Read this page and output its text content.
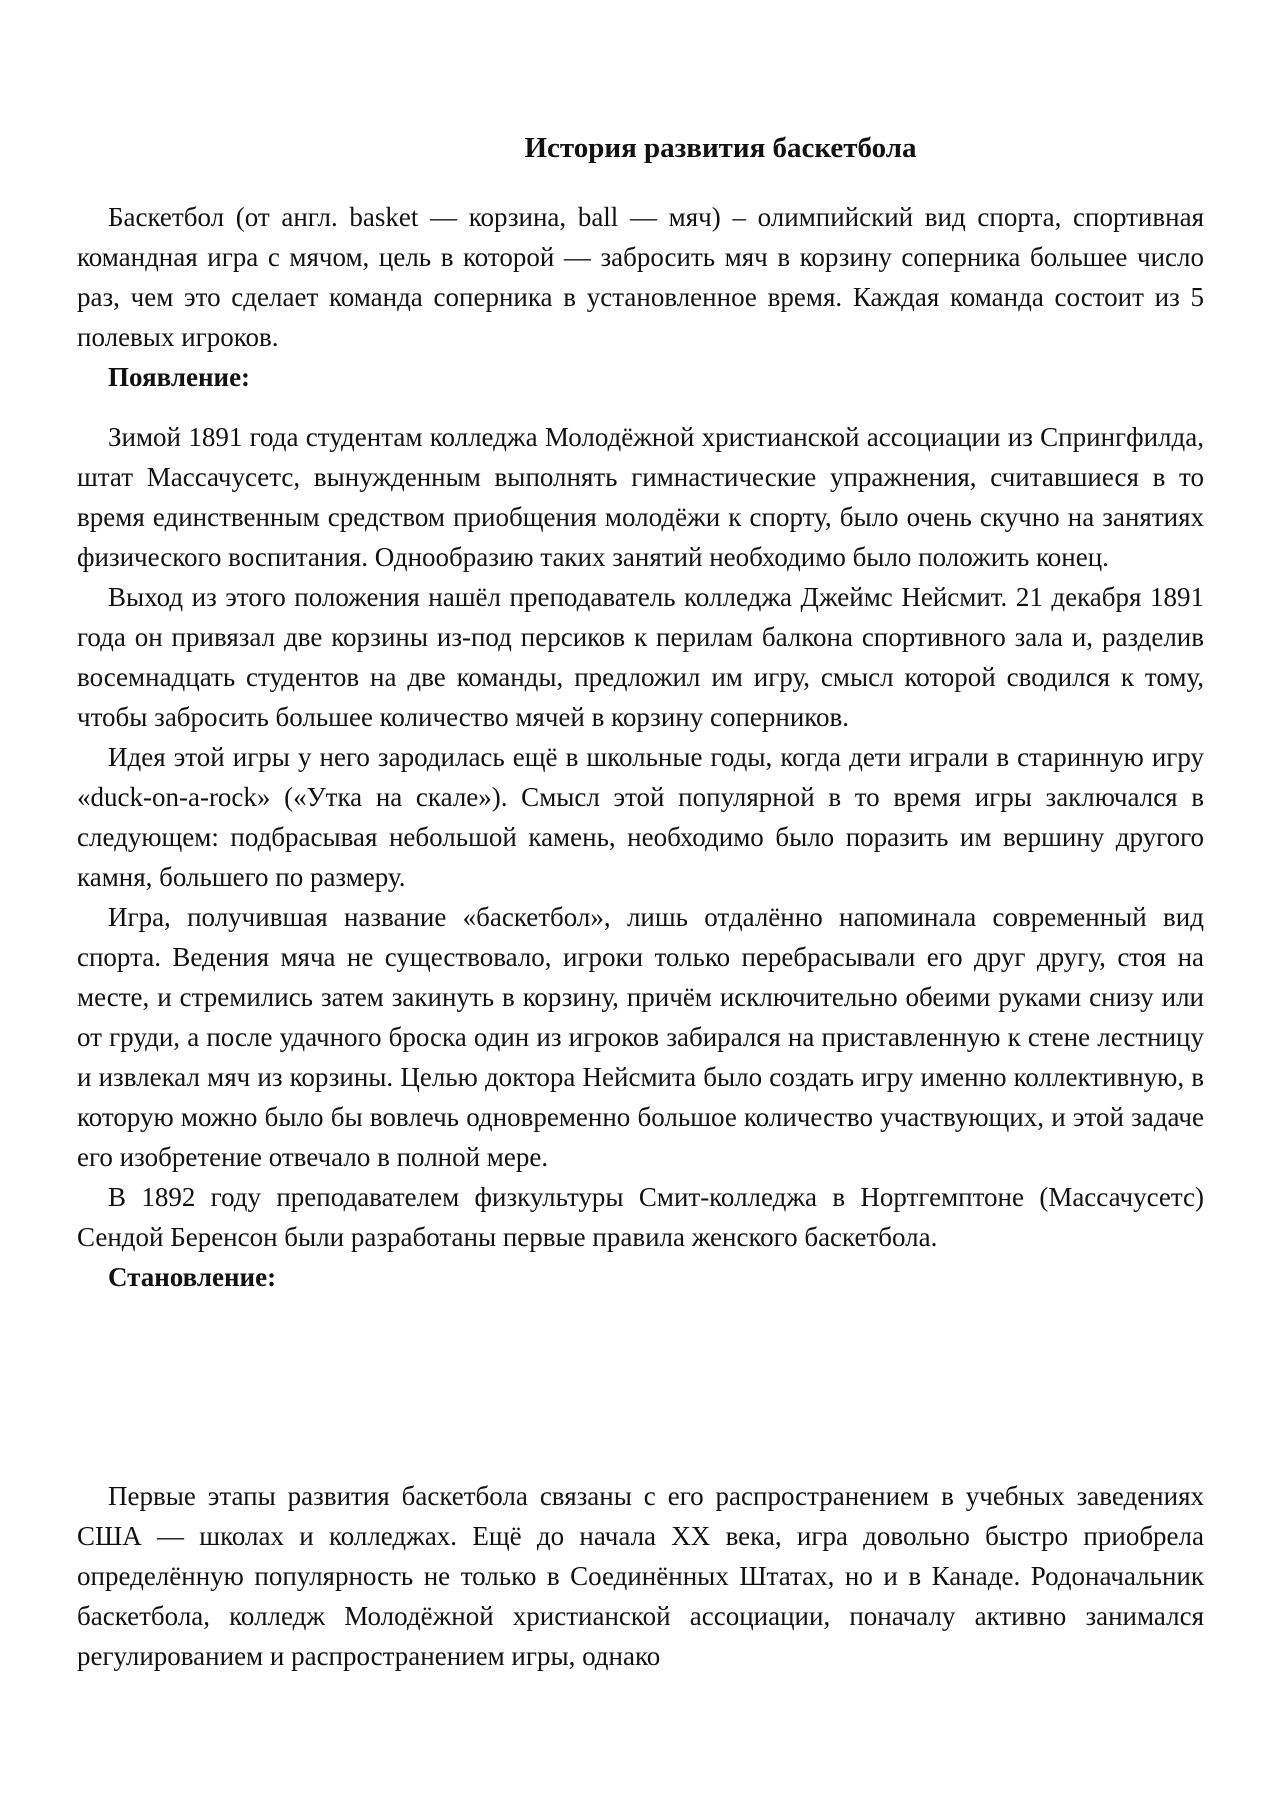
История развития баскетбола

Баскетбол (от англ. basket — корзина, ball — мяч) – олимпийский вид спорта, спортивная командная игра с мячом, цель в которой — забросить мяч в корзину соперника большее число раз, чем это сделает команда соперника в установленное время. Каждая команда состоит из 5 полевых игроков.

Появление:

Зимой 1891 года студентам колледжа Молодёжной христианской ассоциации из Спрингфилда, штат Массачусетс, вынужденным выполнять гимнастические упражнения, считавшиеся в то время единственным средством приобщения молодёжи к спорту, было очень скучно на занятиях физического воспитания. Однообразию таких занятий необходимо было положить конец.

Выход из этого положения нашёл преподаватель колледжа Джеймс Нейсмит. 21 декабря 1891 года он привязал две корзины из-под персиков к перилам балкона спортивного зала и, разделив восемнадцать студентов на две команды, предложил им игру, смысл которой сводился к тому, чтобы забросить большее количество мячей в корзину соперников.

Идея этой игры у него зародилась ещё в школьные годы, когда дети играли в старинную игру «duck-on-a-rock» («Утка на скале»). Смысл этой популярной в то время игры заключался в следующем: подбрасывая небольшой камень, необходимо было поразить им вершину другого камня, большего по размеру.

Игра, получившая название «баскетбол», лишь отдалённо напоминала современный вид спорта. Ведения мяча не существовало, игроки только перебрасывали его друг другу, стоя на месте, и стремились затем закинуть в корзину, причём исключительно обеими руками снизу или от груди, а после удачного броска один из игроков забирался на приставленную к стене лестницу и извлекал мяч из корзины. Целью доктора Нейсмита было создать игру именно коллективную, в которую можно было бы вовлечь одновременно большое количество участвующих, и этой задаче его изобретение отвечало в полной мере.

В 1892 году преподавателем физкультуры Смит-колледжа в Нортгемптоне (Массачусетс) Сендой Беренсон были разработаны первые правила женского баскетбола.

Становление:

Первые этапы развития баскетбола связаны с его распространением в учебных заведениях США — школах и колледжах. Ещё до начала XX века, игра довольно быстро приобрела определённую популярность не только в Соединённых Штатах, но и в Канаде. Родоначальник баскетбола, колледж Молодёжной христианской ассоциации, поначалу активно занимался регулированием и распространением игры, однако
